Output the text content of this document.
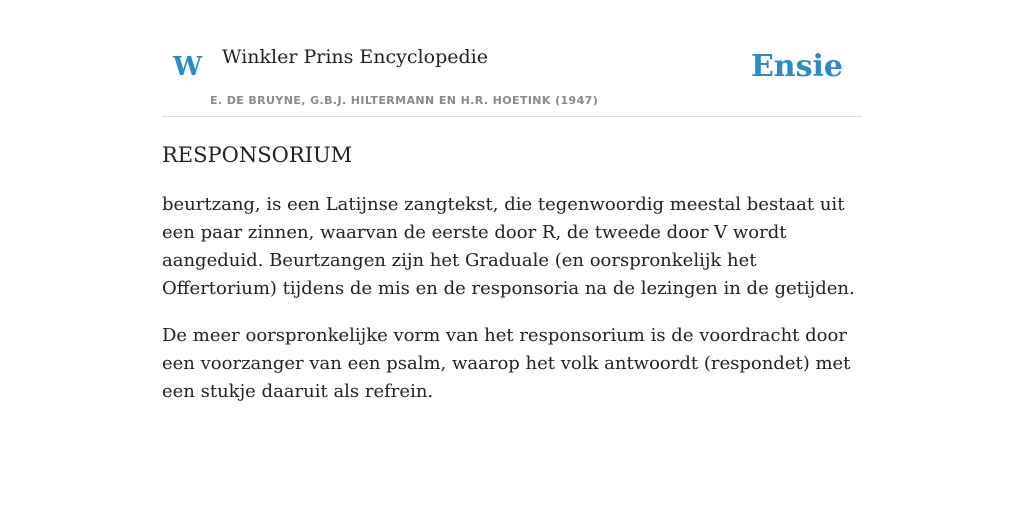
W Winkler Prins Encyclopedie
E. DE BRUYNE, G.B.J. HILTERMANN EN H.R. HOETINK (1947)
Ensie
RESPONSORIUM

beurtzang, is een Latijnse zangtekst, die tegenwoordig meestal bestaat uit een paar zinnen, waarvan de eerste door R, de tweede door V wordt aangeduid. Beurtzangen zijn het Graduale (en oorspronkelijk het Offertorium) tijdens de mis en de responsoria na de lezingen in de getijden.

De meer oorspronkelijke vorm van het responsorium is de voordracht door een voorzanger van een psalm, waarop het volk antwoordt (respondet) met een stukje daaruit als refrein.
